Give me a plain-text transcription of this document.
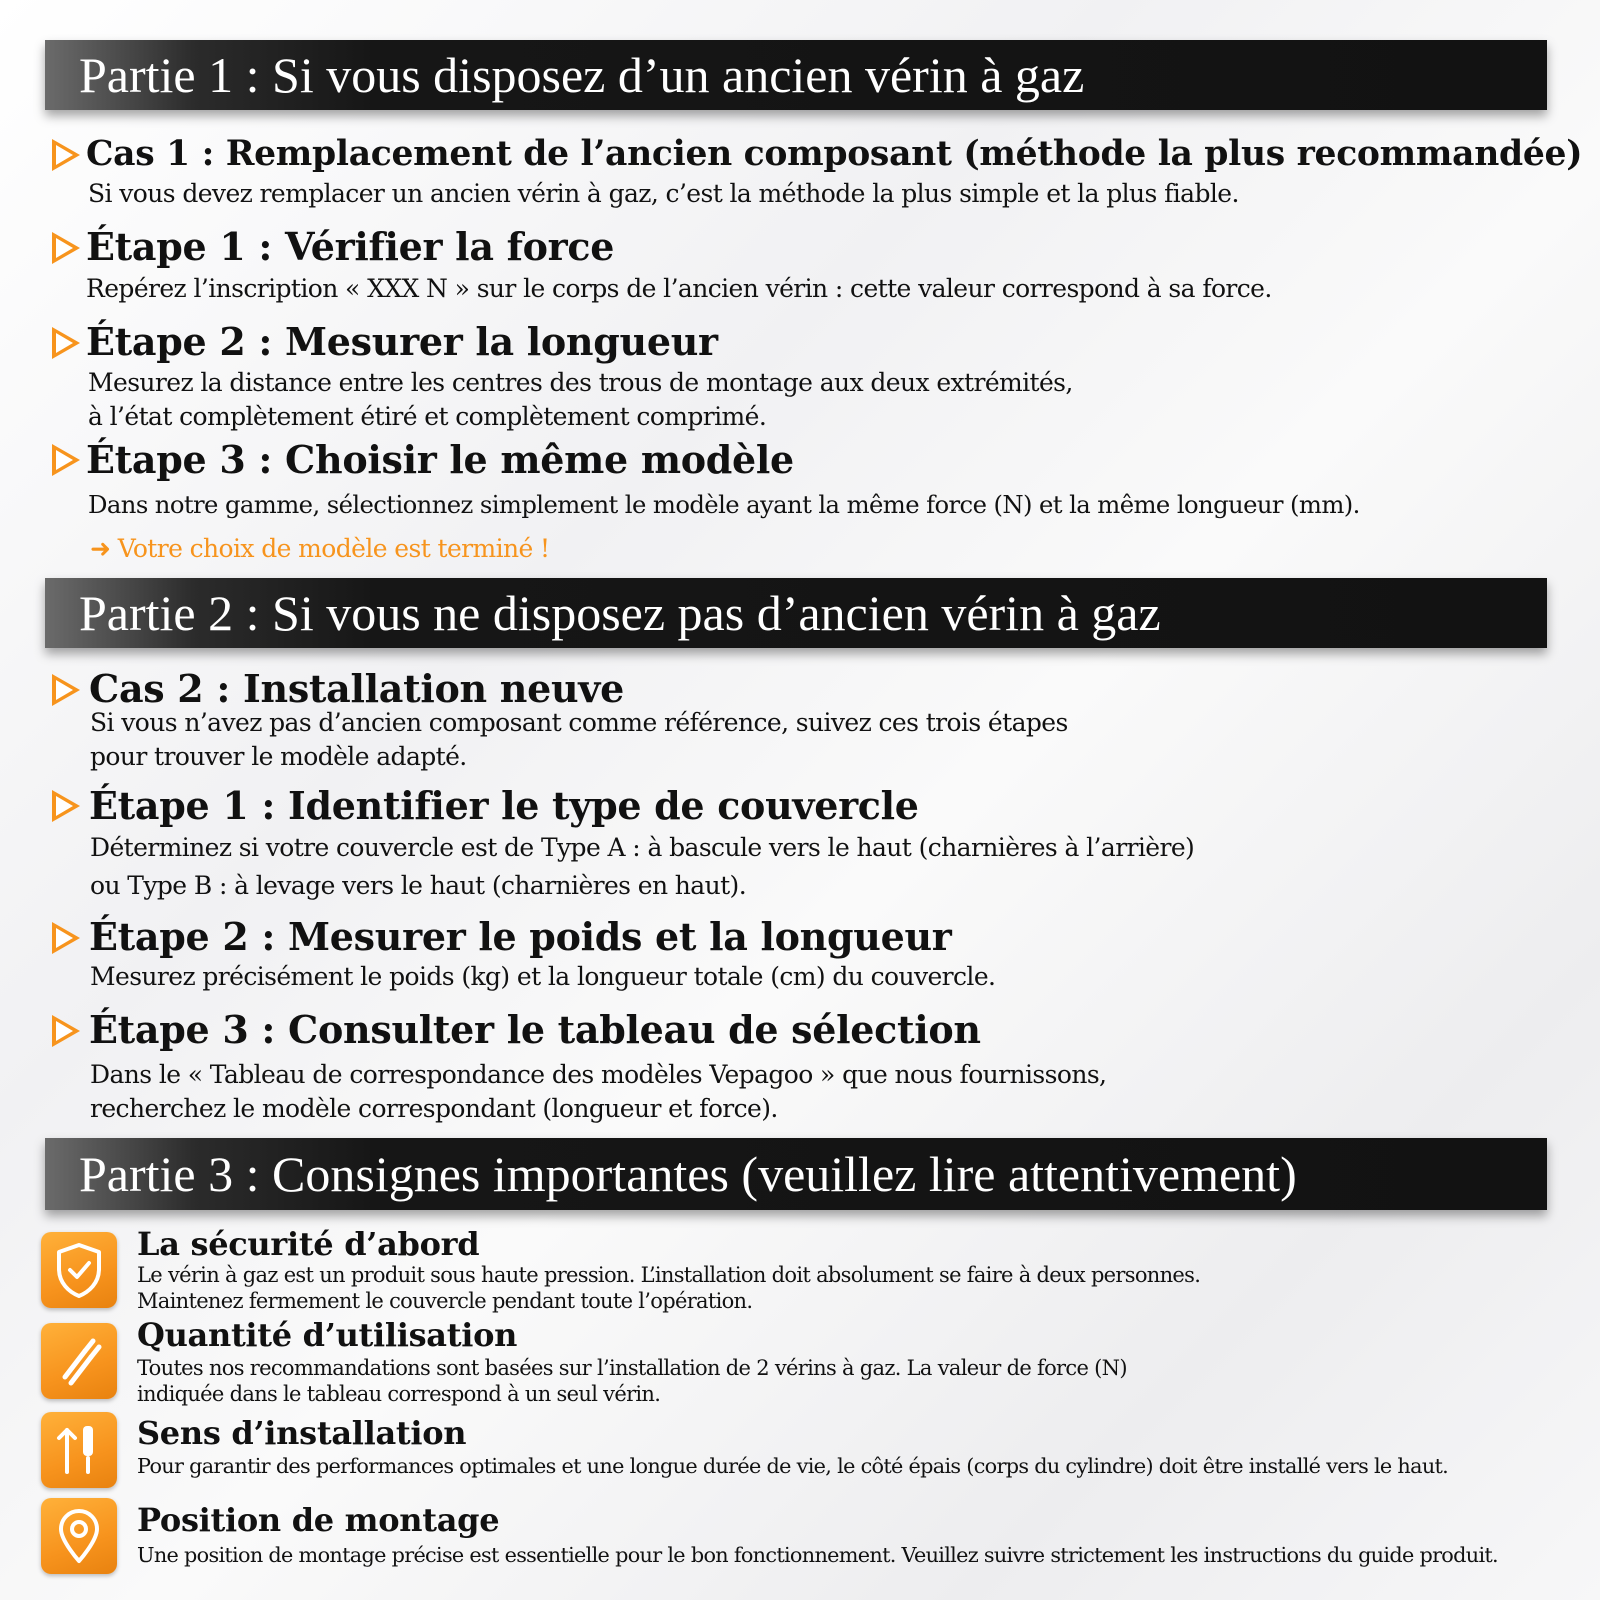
Partie 1 : Si vous disposez d’un ancien vérin à gaz
Cas 1 : Remplacement de l’ancien composant (méthode la plus recommandée)
Si vous devez remplacer un ancien vérin à gaz, c’est la méthode la plus simple et la plus fiable.
Étape 1 : Vérifier la force
Repérez l’inscription « XXX N » sur le corps de l’ancien vérin : cette valeur correspond à sa force.
Étape 2 : Mesurer la longueur
Mesurez la distance entre les centres des trous de montage aux deux extrémités,
à l’état complètement étiré et complètement comprimé.
Étape 3 : Choisir le même modèle
Dans notre gamme, sélectionnez simplement le modèle ayant la même force (N) et la même longueur (mm).
➜ Votre choix de modèle est terminé !
Partie 2 : Si vous ne disposez pas d’ancien vérin à gaz
Cas 2 : Installation neuve
Si vous n’avez pas d’ancien composant comme référence, suivez ces trois étapes
pour trouver le modèle adapté.
Étape 1 : Identifier le type de couvercle
Déterminez si votre couvercle est de Type A : à bascule vers le haut (charnières à l’arrière)
ou Type B : à levage vers le haut (charnières en haut).
Étape 2 : Mesurer le poids et la longueur
Mesurez précisément le poids (kg) et la longueur totale (cm) du couvercle.
Étape 3 : Consulter le tableau de sélection
Dans le « Tableau de correspondance des modèles Vepagoo » que nous fournissons,
recherchez le modèle correspondant (longueur et force).
Partie 3 : Consignes importantes (veuillez lire attentivement)
La sécurité d’abord
Le vérin à gaz est un produit sous haute pression. L’installation doit absolument se faire à deux personnes.
Maintenez fermement le couvercle pendant toute l’opération.
Quantité d’utilisation
Toutes nos recommandations sont basées sur l’installation de 2 vérins à gaz. La valeur de force (N)
indiquée dans le tableau correspond à un seul vérin.
Sens d’installation
Pour garantir des performances optimales et une longue durée de vie, le côté épais (corps du cylindre) doit être installé vers le haut.
Position de montage
Une position de montage précise est essentielle pour le bon fonctionnement. Veuillez suivre strictement les instructions du guide produit.
